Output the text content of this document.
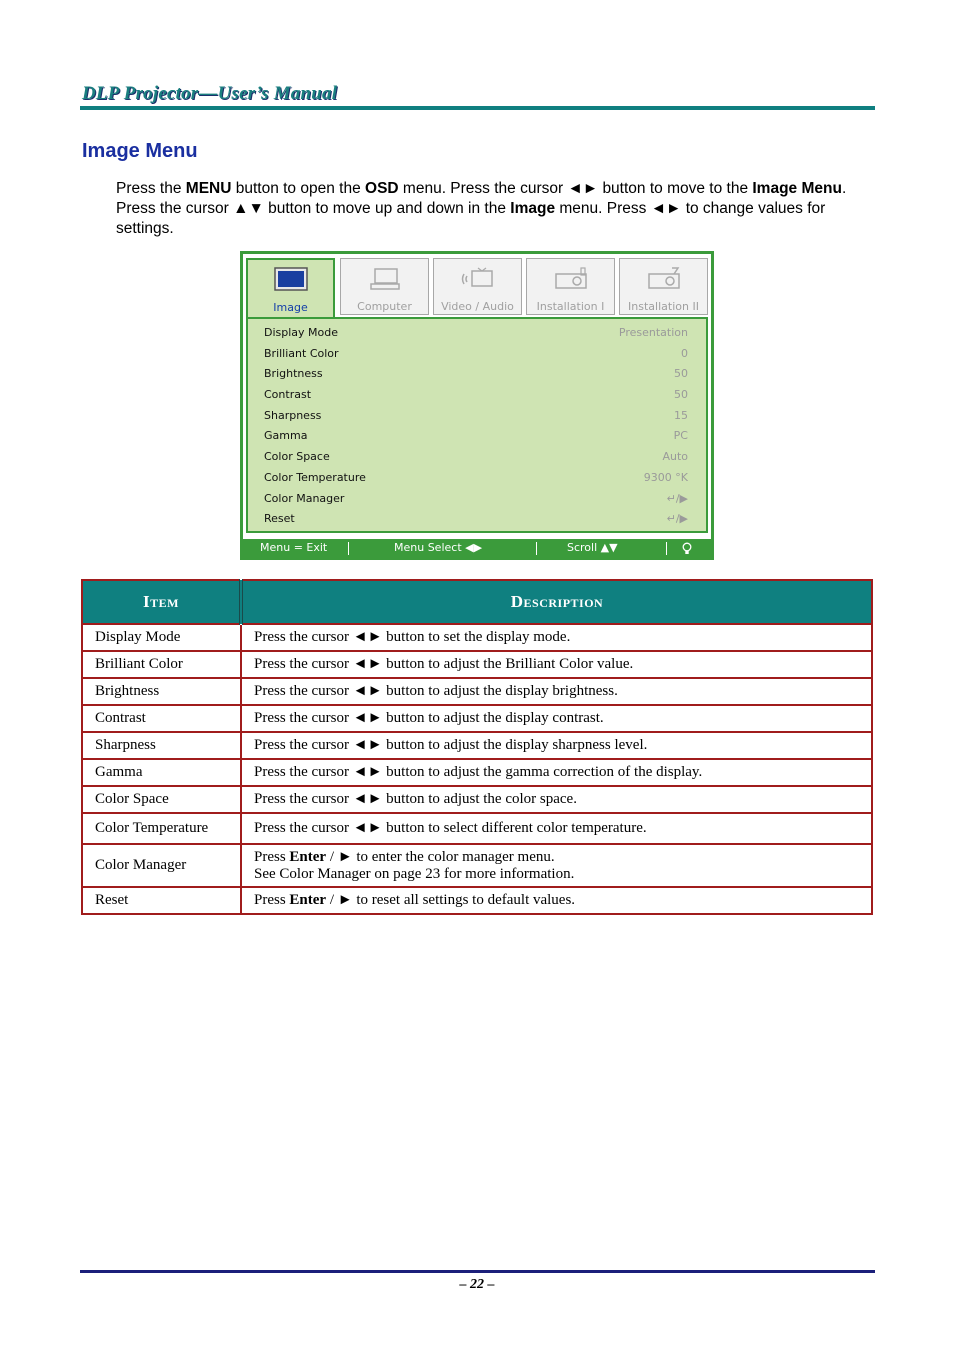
DLP Projector—User’s Manual
Image Menu
Press the MENU button to open the OSD menu. Press the cursor ◄► button to move to the Image Menu. Press the cursor ▲▼ button to move up and down in the Image menu. Press ◄► to change values for settings.
Image	Computer	Video / Audio	Installation I	Installation II
Display Mode	Presentation
Brilliant Color	0
Brightness	50
Contrast	50
Sharpness	15
Gamma	PC
Color Space	Auto
Color Temperature	9300 °K
Color Manager	↵/▶
Reset	↵/▶
Menu = Exit	Menu Select ◀▶	Scroll ▲▼
Item	Description
Display Mode	Press the cursor ◄► button to set the display mode.
Brilliant Color	Press the cursor ◄► button to adjust the Brilliant Color value.
Brightness	Press the cursor ◄► button to adjust the display brightness.
Contrast	Press the cursor ◄► button to adjust the display contrast.
Sharpness	Press the cursor ◄► button to adjust the display sharpness level.
Gamma	Press the cursor ◄► button to adjust the gamma correction of the display.
Color Space	Press the cursor ◄► button to adjust the color space.
Color Temperature	Press the cursor ◄► button to select different color temperature.
Color Manager	Press Enter / ► to enter the color manager menu.
See Color Manager on page 23 for more information.
Reset	Press Enter / ► to reset all settings to default values.
– 22 –
